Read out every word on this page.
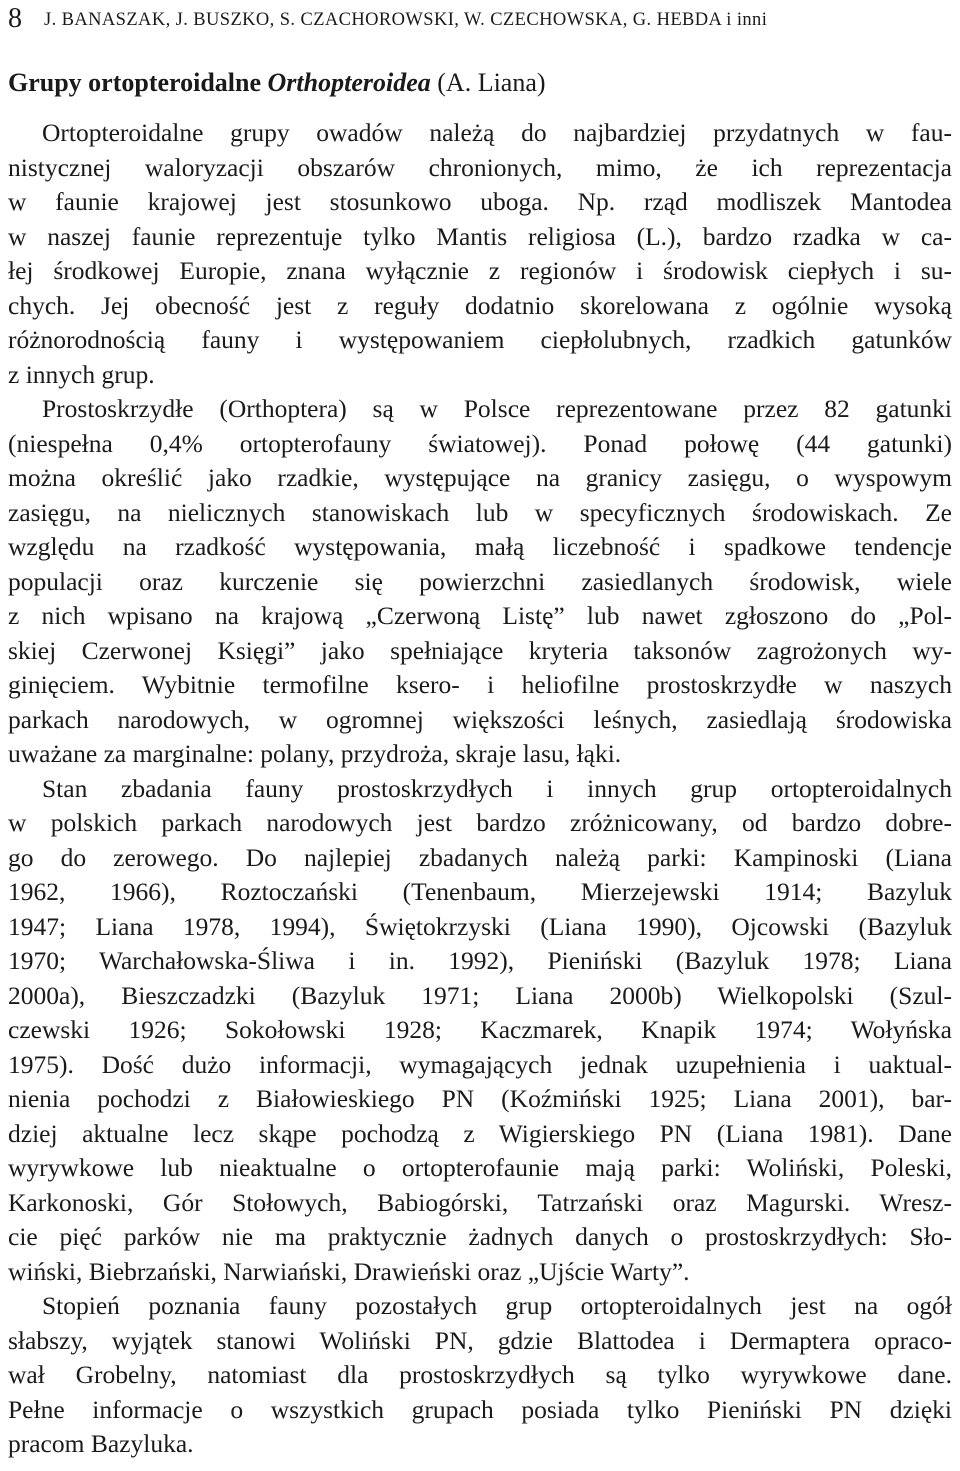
8 J. BANASZAK, J. BUSZKO, S. CZACHOROWSKI, W. CZECHOWSKA, G. HEBDA i inni
Grupy ortopteroidalne Orthopteroidea (A. Liana)
Ortopteroidalne grupy owadów należą do najbardziej przydatnych w fau-
nistycznej waloryzacji obszarów chronionych, mimo, że ich reprezentacja
w faunie krajowej jest stosunkowo uboga. Np. rząd modliszek Mantodea
w naszej faunie reprezentuje tylko Mantis religiosa (L.), bardzo rzadka w ca-
łej środkowej Europie, znana wyłącznie z regionów i środowisk ciepłych i su-
chych. Jej obecność jest z reguły dodatnio skorelowana z ogólnie wysoką
różnorodnością fauny i występowaniem ciepłolubnych, rzadkich gatunków
z innych grup.
Prostoskrzydłe (Orthoptera) są w Polsce reprezentowane przez 82 gatunki
(niespełna 0,4% ortopterofauny światowej). Ponad połowę (44 gatunki)
można określić jako rzadkie, występujące na granicy zasięgu, o wyspowym
zasięgu, na nielicznych stanowiskach lub w specyficznych środowiskach. Ze
względu na rzadkość występowania, małą liczebność i spadkowe tendencje
populacji oraz kurczenie się powierzchni zasiedlanych środowisk, wiele
z nich wpisano na krajową „Czerwoną Listę” lub nawet zgłoszono do „Pol-
skiej Czerwonej Księgi” jako spełniające kryteria taksonów zagrożonych wy-
ginięciem. Wybitnie termofilne ksero- i heliofilne prostoskrzydłe w naszych
parkach narodowych, w ogromnej większości leśnych, zasiedlają środowiska
uważane za marginalne: polany, przydroża, skraje lasu, łąki.
Stan zbadania fauny prostoskrzydłych i innych grup ortopteroidalnych
w polskich parkach narodowych jest bardzo zróżnicowany, od bardzo dobre-
go do zerowego. Do najlepiej zbadanych należą parki: Kampinoski (Liana
1962, 1966), Roztoczański (Tenenbaum, Mierzejewski 1914; Bazyluk
1947; Liana 1978, 1994), Świętokrzyski (Liana 1990), Ojcowski (Bazyluk
1970; Warchałowska-Śliwa i in. 1992), Pieniński (Bazyluk 1978; Liana
2000a), Bieszczadzki (Bazyluk 1971; Liana 2000b) Wielkopolski (Szul-
czewski 1926; Sokołowski 1928; Kaczmarek, Knapik 1974; Wołyńska
1975). Dość dużo informacji, wymagających jednak uzupełnienia i uaktual-
nienia pochodzi z Białowieskiego PN (Koźmiński 1925; Liana 2001), bar-
dziej aktualne lecz skąpe pochodzą z Wigierskiego PN (Liana 1981). Dane
wyrywkowe lub nieaktualne o ortopterofaunie mają parki: Woliński, Poleski,
Karkonoski, Gór Stołowych, Babiogórski, Tatrzański oraz Magurski. Wresz-
cie pięć parków nie ma praktycznie żadnych danych o prostoskrzydłych: Sło-
wiński, Biebrzański, Narwiański, Drawieński oraz „Ujście Warty”.
Stopień poznania fauny pozostałych grup ortopteroidalnych jest na ogół
słabszy, wyjątek stanowi Woliński PN, gdzie Blattodea i Dermaptera opraco-
wał Grobelny, natomiast dla prostoskrzydłych są tylko wyrywkowe dane.
Pełne informacje o wszystkich grupach posiada tylko Pieniński PN dzięki
pracom Bazyluka.
